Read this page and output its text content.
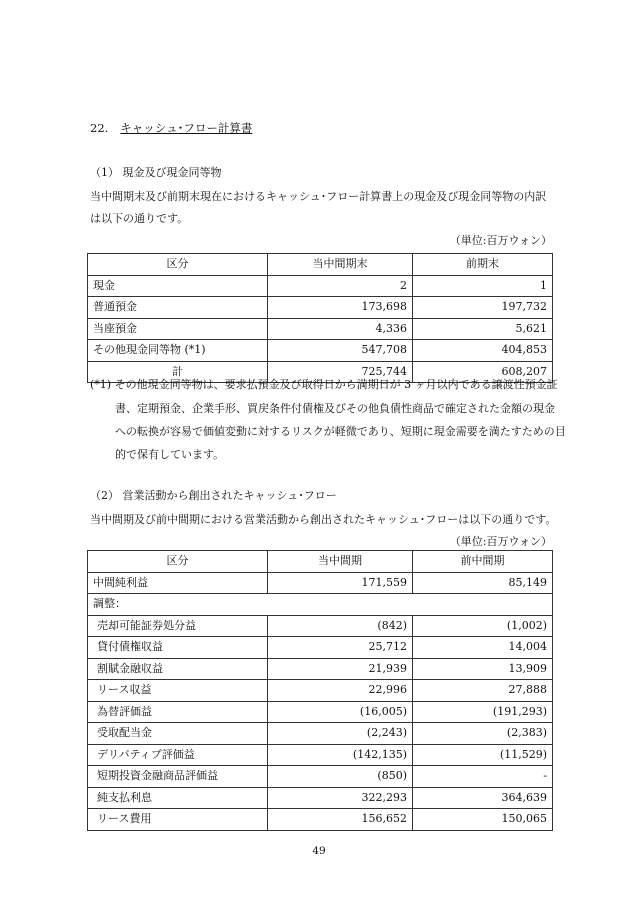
22. キャッシュ･フロー計算書
（1） 現金及び現金同等物
当中間期末及び前期末現在におけるキャッシュ･フロー計算書上の現金及び現金同等物の内訳
は以下の通りです。
（単位:百万ウォン）
区分	当中間期末	前期末
現金	2	1
普通預金	173,698	197,732
当座預金	4,336	5,621
その他現金同等物 (*1)	547,708	404,853
計	725,744	608,207
(*1) その他現金同等物は、要求払預金及び取得日から満期日が 3 ヶ月以内である譲渡性預金証
書、定期預金、企業手形、買戻条件付債権及びその他負債性商品で確定された金額の現金
への転換が容易で価値変動に対するリスクが軽微であり、短期に現金需要を満たすための目
的で保有しています。
（2） 営業活動から創出されたキャッシュ･フロー
当中間期及び前中間期における営業活動から創出されたキャッシュ･フローは以下の通りです。
（単位:百万ウォン）
区分	当中間期	前中間期
中間純利益	171,559	85,149
調整：		
売却可能証券処分益	(842)	(1,002)
貸付債権収益	25,712	14,004
割賦金融収益	21,939	13,909
リース収益	22,996	27,888
為替評価益	(16,005)	(191,293)
受取配当金	(2,243)	(2,383)
デリバティブ評価益	(142,135)	(11,529)
短期投資金融商品評価益	(850)	-
純支払利息	322,293	364,639
リース費用	156,652	150,065
49
